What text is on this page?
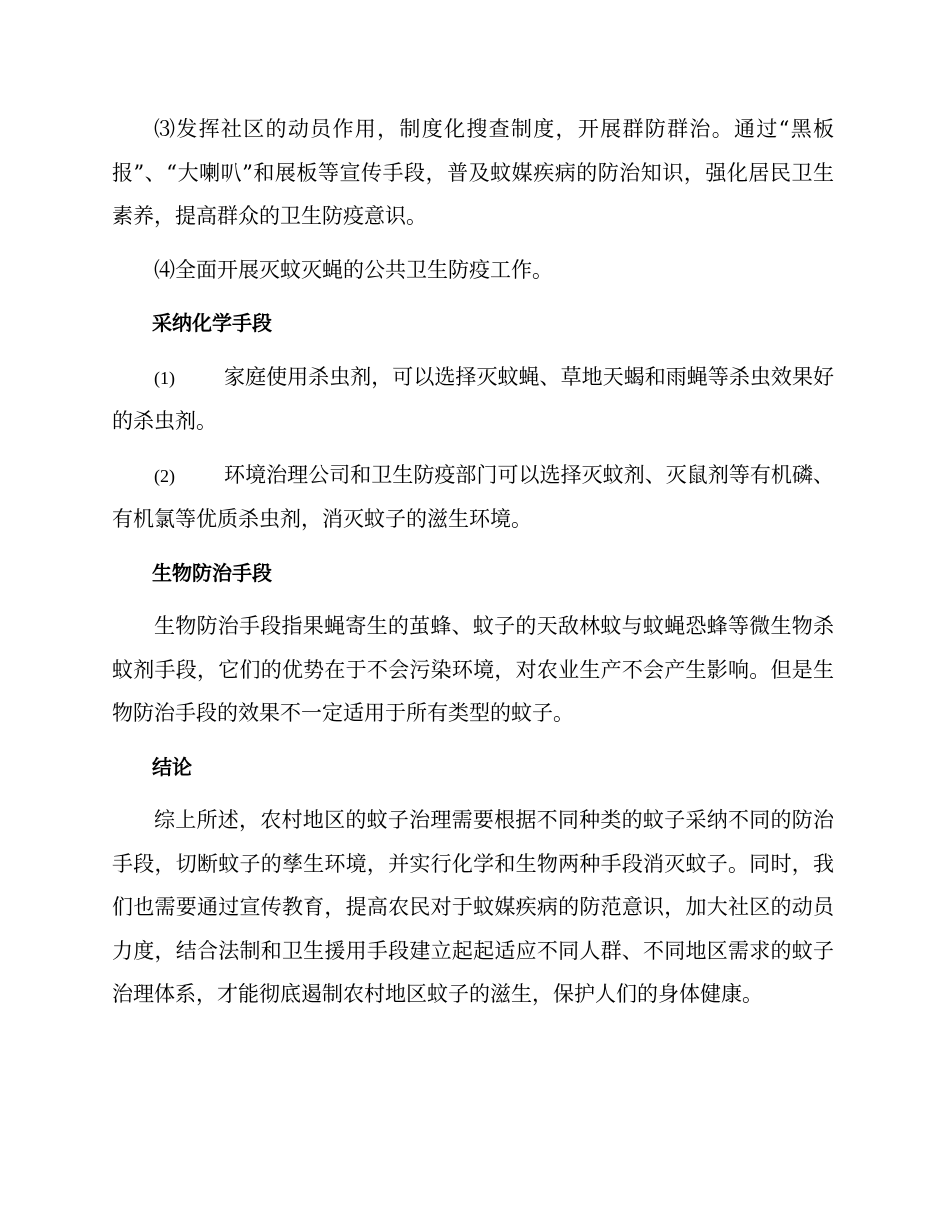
⑶发挥社区的动员作用，制度化搜查制度，开展群防群治。通过“黑板报”、“大喇叭”和展板等宣传手段，普及蚊媒疾病的防治知识，强化居民卫生素养，提高群众的卫生防疫意识。

⑷全面开展灭蚊灭蝇的公共卫生防疫工作。

采纳化学手段

(1) 家庭使用杀虫剂，可以选择灭蚊蝇、草地天蝎和雨蝇等杀虫效果好的杀虫剂。

(2) 环境治理公司和卫生防疫部门可以选择灭蚊剂、灭鼠剂等有机磷、有机氯等优质杀虫剂，消灭蚊子的滋生环境。

生物防治手段

生物防治手段指果蝇寄生的茧蜂、蚊子的天敌林蚊与蚊蝇恐蜂等微生物杀蚊剂手段，它们的优势在于不会污染环境，对农业生产不会产生影响。但是生物防治手段的效果不一定适用于所有类型的蚊子。

结论

综上所述，农村地区的蚊子治理需要根据不同种类的蚊子采纳不同的防治手段，切断蚊子的孳生环境，并实行化学和生物两种手段消灭蚊子。同时，我们也需要通过宣传教育，提高农民对于蚊媒疾病的防范意识，加大社区的动员力度，结合法制和卫生援用手段建立起起适应不同人群、不同地区需求的蚊子治理体系，才能彻底遏制农村地区蚊子的滋生，保护人们的身体健康。
